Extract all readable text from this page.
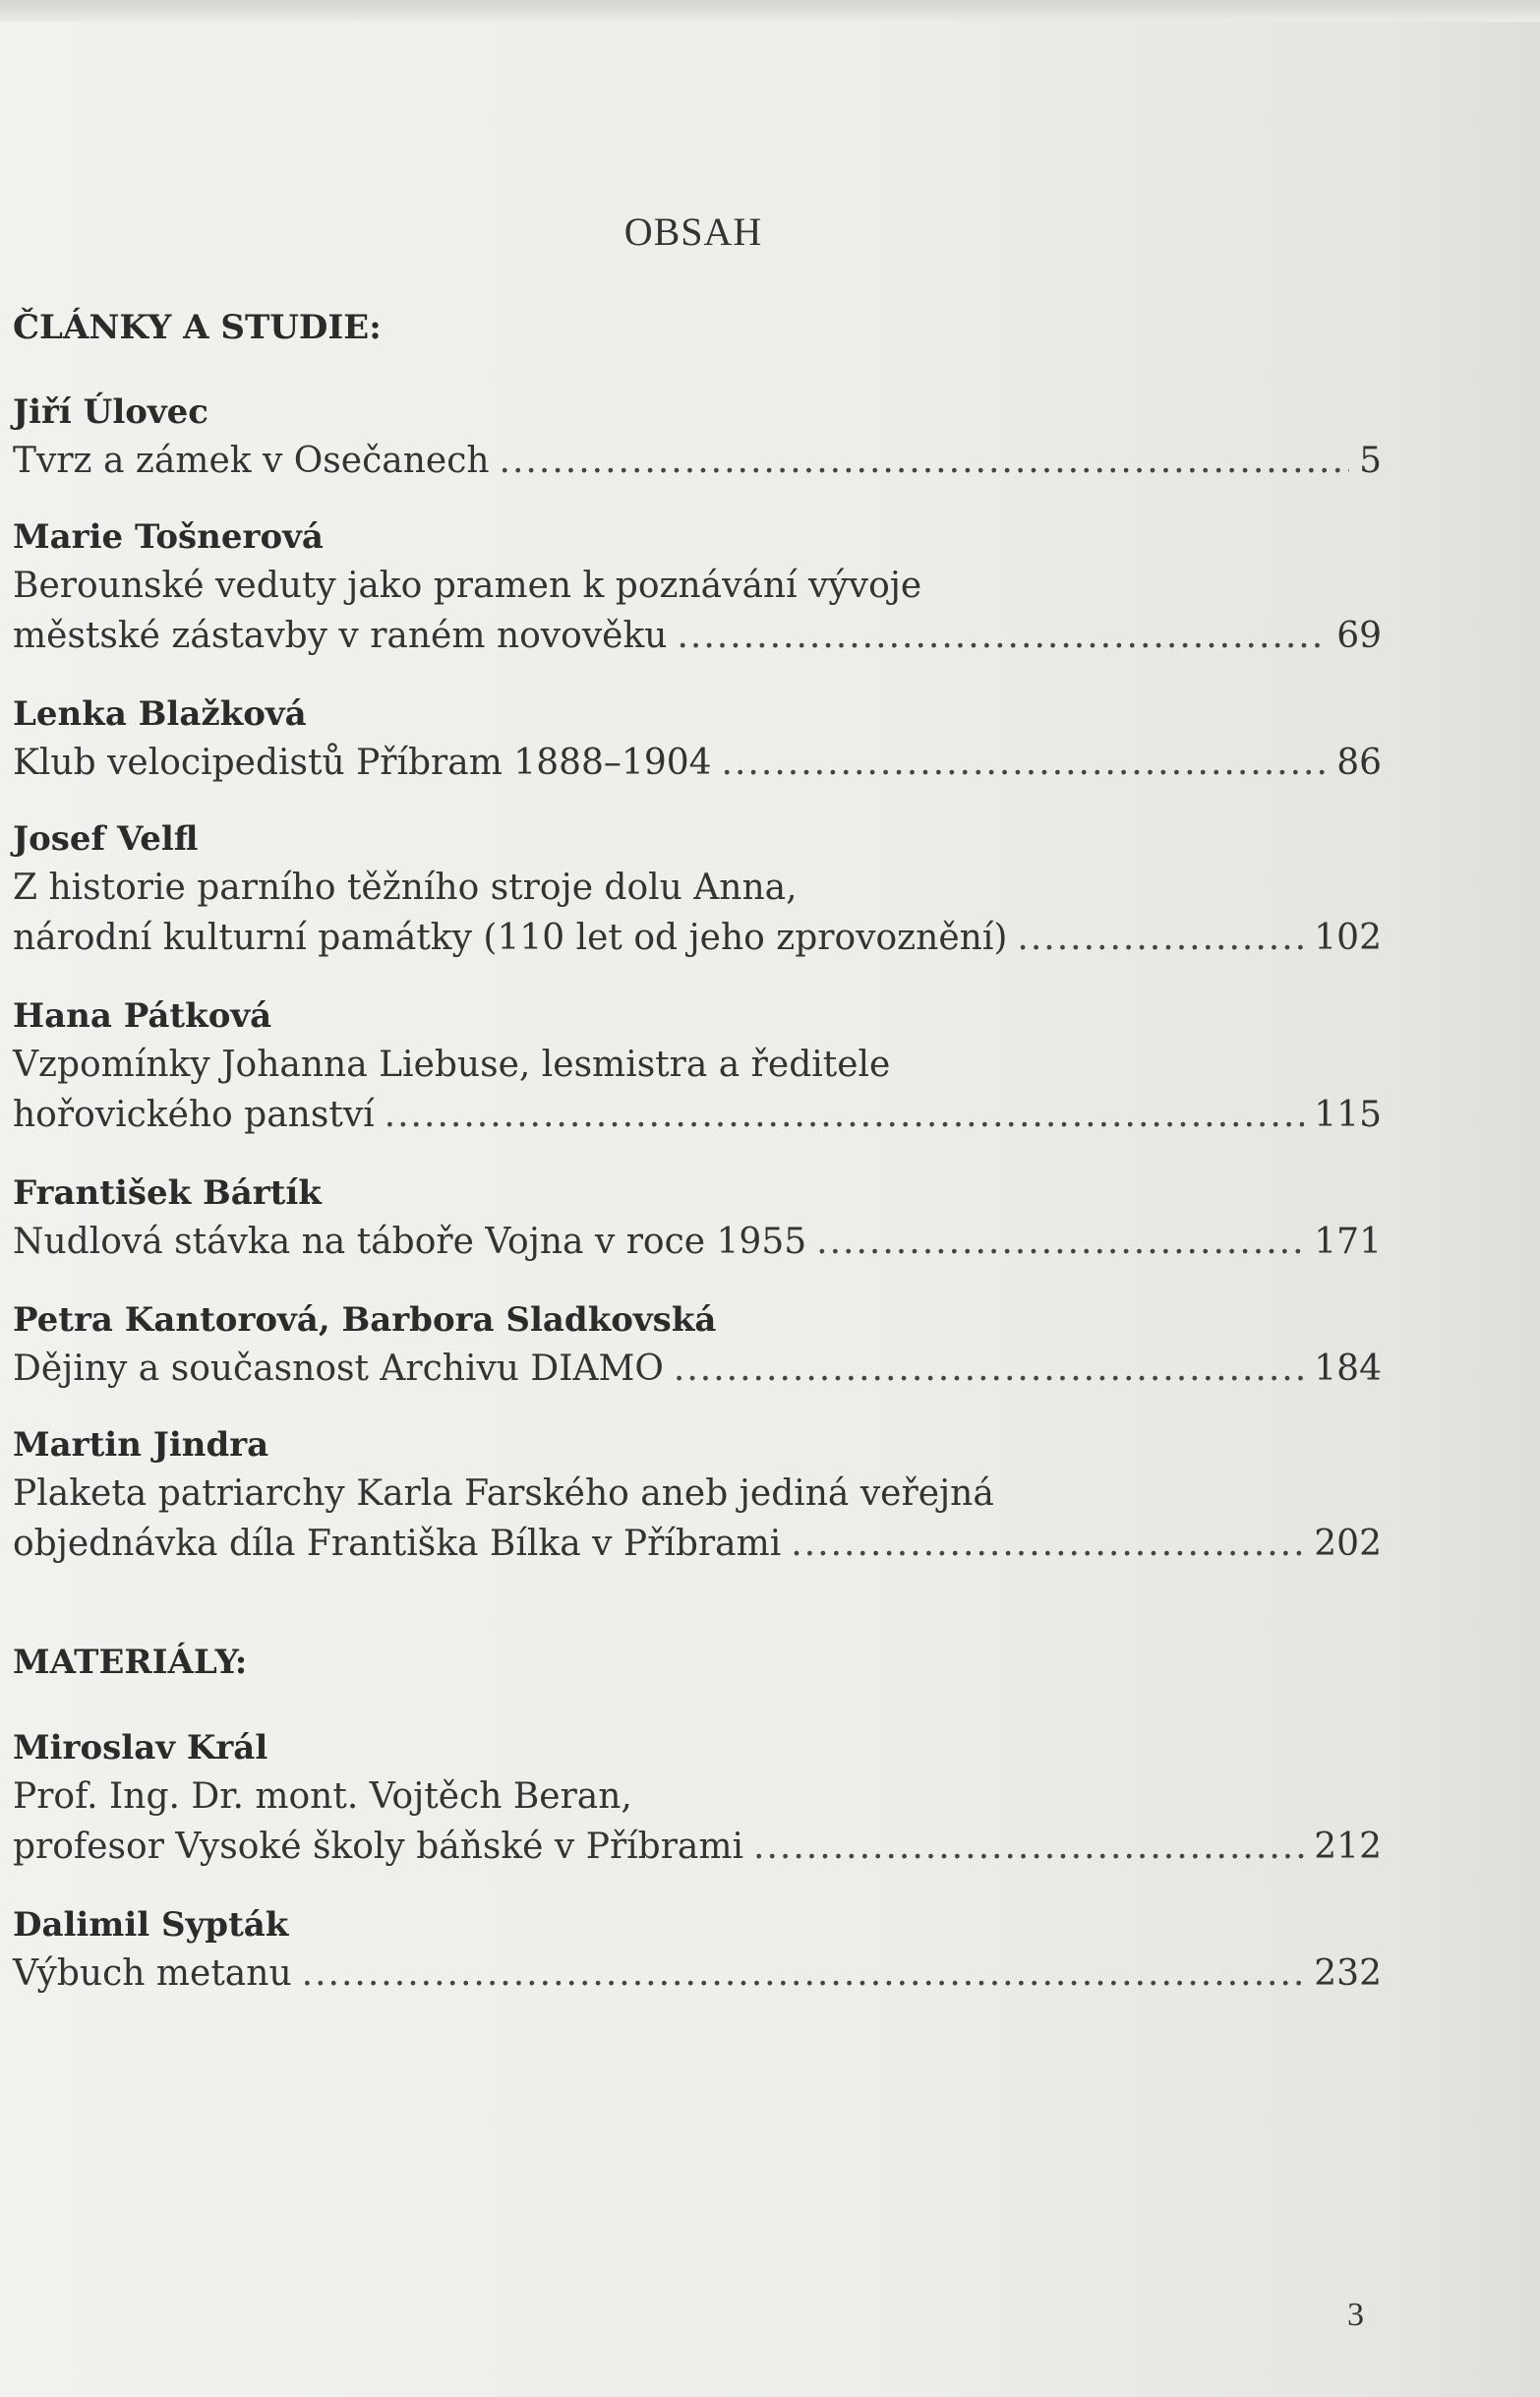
OBSAH
ČLÁNKY A STUDIE:
Jiří Úlovec
Tvrz a zámek v Osečanech .....	5
Marie Tošnerová
Berounské veduty jako pramen k poznávání vývoje
městské zástavby v raném novověku .....	69
Lenka Blažková
Klub velocipedistů Příbram 1888–1904 .....	86
Josef Velfl
Z historie parního těžního stroje dolu Anna,
národní kulturní památky (110 let od jeho zprovoznění) .....	102
Hana Pátková
Vzpomínky Johanna Liebuse, lesmistra a ředitele
hořovického panství .....	115
František Bártík
Nudlová stávka na táboře Vojna v roce 1955 .....	171
Petra Kantorová, Barbora Sladkovská
Dějiny a současnost Archivu DIAMO .....	184
Martin Jindra
Plaketa patriarchy Karla Farského aneb jediná veřejná
objednávka díla Františka Bílka v Příbrami .....	202
MATERIÁLY:
Miroslav Král
Prof. Ing. Dr. mont. Vojtěch Beran,
profesor Vysoké školy báňské v Příbrami .....	212
Dalimil Sypták
Výbuch metanu .....	232
3
